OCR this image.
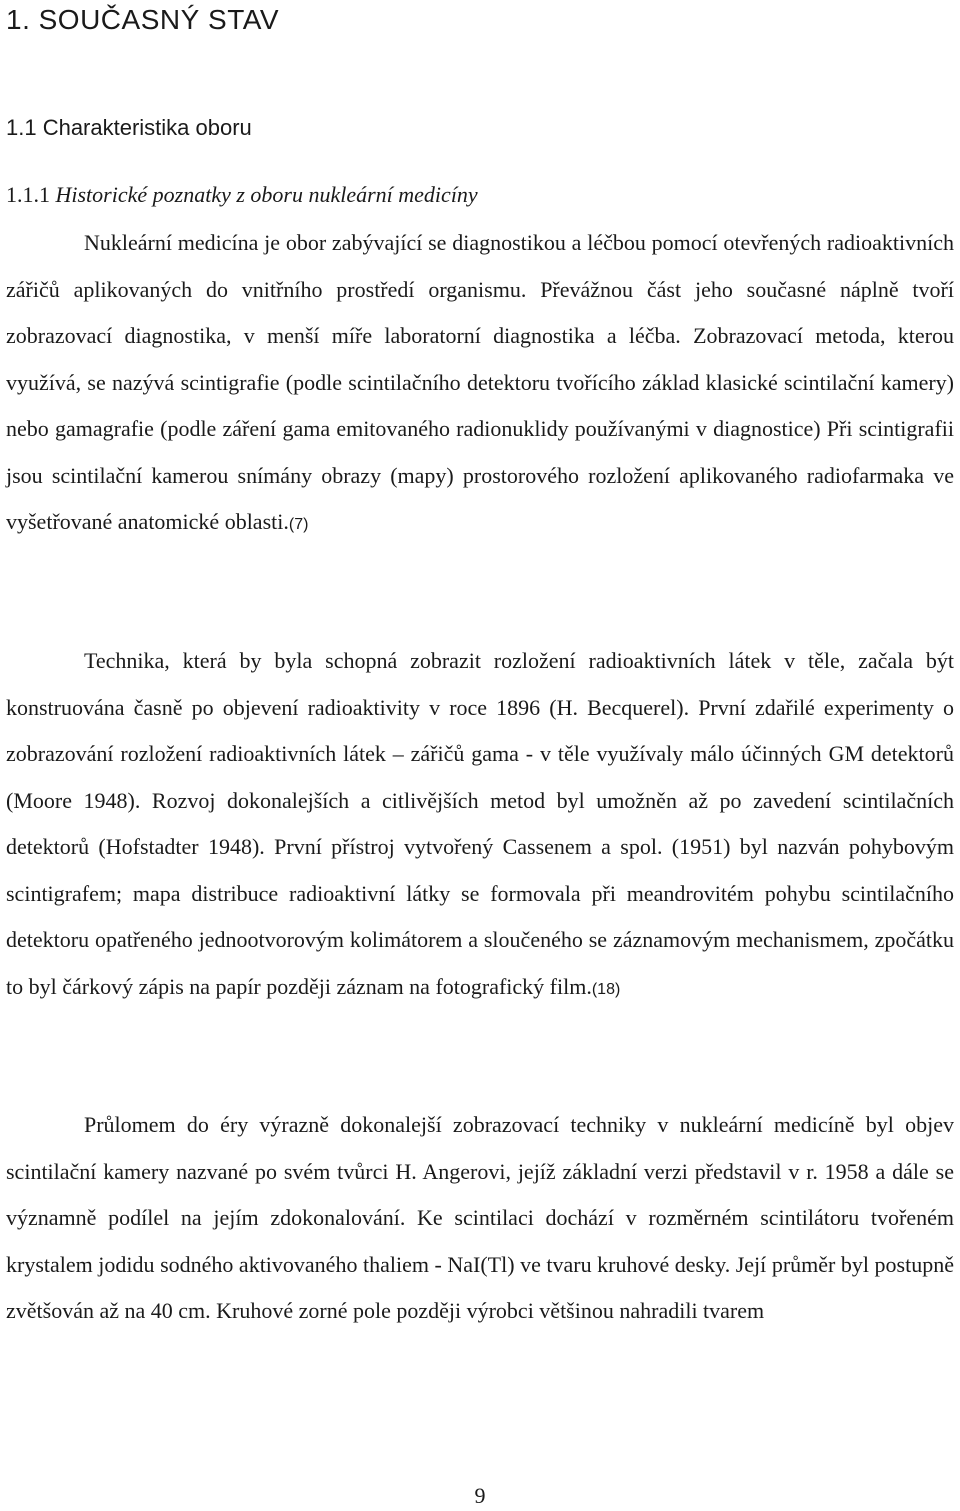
1. SOUČASNÝ STAV
1.1 Charakteristika oboru
1.1.1 Historické poznatky z oboru nukleární medicíny

Nukleární medicína je obor zabývající se diagnostikou a léčbou pomocí otevřených radioaktivních zářičů aplikovaných do vnitřního prostředí organismu. Převážnou část jeho současné náplně tvoří zobrazovací diagnostika, v menší míře laboratorní diagnostika a léčba. Zobrazovací metoda, kterou využívá, se nazývá scintigrafie (podle scintilačního detektoru tvořícího základ klasické scintilační kamery) nebo gamagrafie (podle záření gama emitovaného radionuklidy používanými v diagnostice) Při scintigrafii jsou scintilační kamerou snímány obrazy (mapy) prostorového rozložení aplikovaného radiofarmaka ve vyšetřované anatomické oblasti.(7)

Technika, která by byla schopná zobrazit rozložení radioaktivních látek v těle, začala být konstruována časně po objevení radioaktivity v roce 1896 (H. Becquerel). První zdařilé experimenty o zobrazování rozložení radioaktivních látek – zářičů gama - v těle využívaly málo účinných GM detektorů (Moore 1948). Rozvoj dokonalejších a citlivějších metod byl umožněn až po zavedení scintilačních detektorů (Hofstadter 1948). První přístroj vytvořený Cassenem a spol. (1951) byl nazván pohybovým scintigrafem; mapa distribuce radioaktivní látky se formovala při meandrovitém pohybu scintilačního detektoru opatřeného jednootvorovým kolimátorem a sloučeného se záznamovým mechanismem, zpočátku to byl čárkový zápis na papír později záznam na fotografický film.(18)

Průlomem do éry výrazně dokonalejší zobrazovací techniky v nukleární medicíně byl objev scintilační kamery nazvané po svém tvůrci H. Angerovi, jejíž základní verzi představil v r. 1958 a dále se významně podílel na jejím zdokonalování. Ke scintilaci dochází v rozměrném scintilátoru tvořeném krystalem jodidu sodného aktivovaného thaliem - NaI(Tl) ve tvaru kruhové desky. Její průměr byl postupně zvětšován až na 40 cm. Kruhové zorné pole později výrobci většinou nahradili tvarem

9
